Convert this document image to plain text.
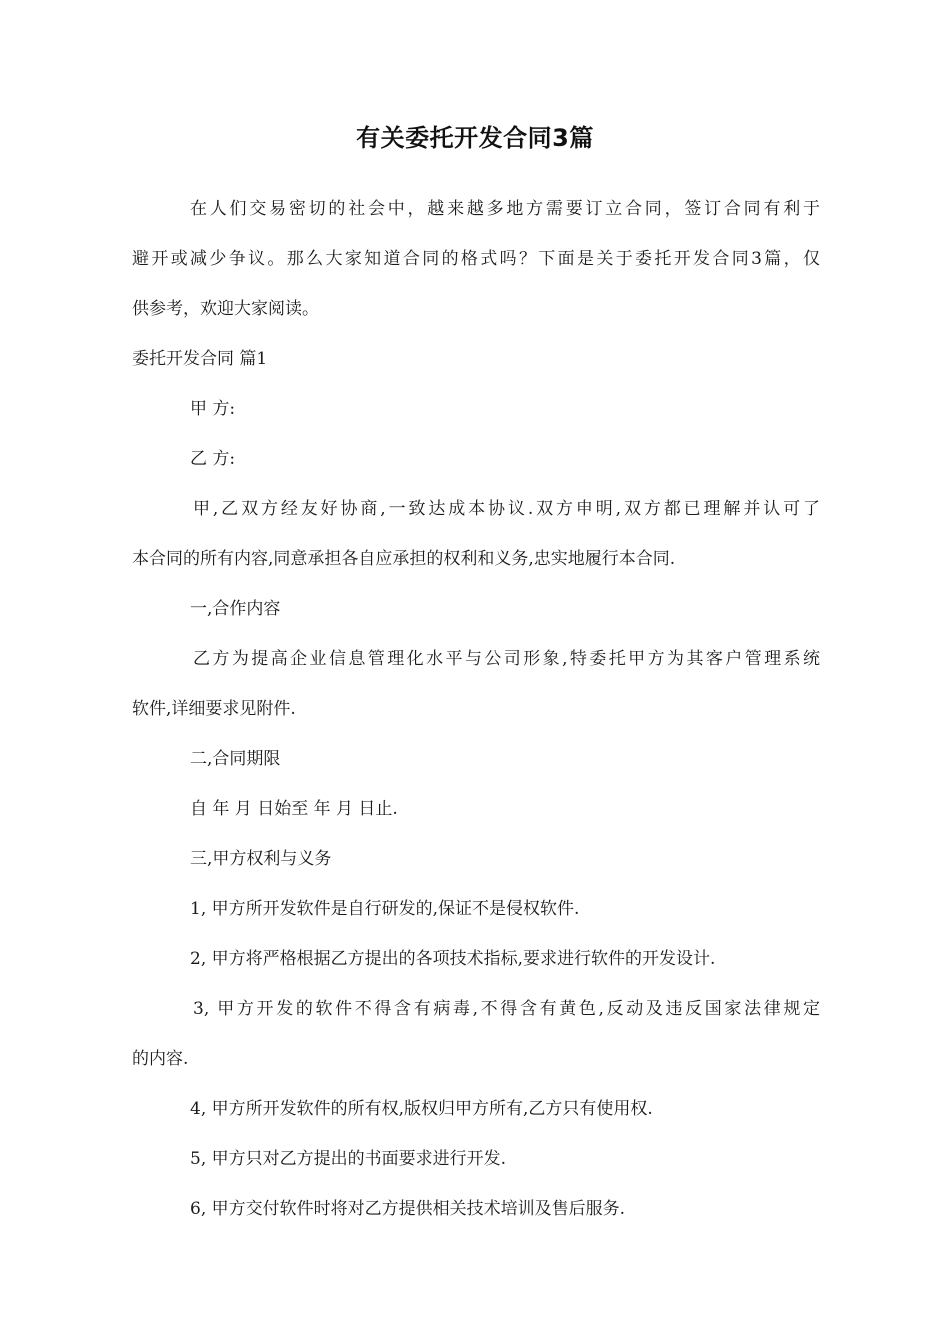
有关委托开发合同3篇
在人们交易密切的社会中，越来越多地方需要订立合同，签订合同有利于
避开或减少争议。那么大家知道合同的格式吗？下面是关于委托开发合同3篇，仅
供参考，欢迎大家阅读。
委托开发合同 篇1
甲 方:
乙 方:
甲,乙双方经友好协商,一致达成本协议.双方申明,双方都已理解并认可了
本合同的所有内容,同意承担各自应承担的权利和义务,忠实地履行本合同.
一,合作内容
乙方为提高企业信息管理化水平与公司形象,特委托甲方为其客户管理系统
软件,详细要求见附件.
二,合同期限
自 年 月 日始至 年 月 日止.
三,甲方权利与义务
1, 甲方所开发软件是自行研发的,保证不是侵权软件.
2, 甲方将严格根据乙方提出的各项技术指标,要求进行软件的开发设计.
3, 甲方开发的软件不得含有病毒,不得含有黄色,反动及违反国家法律规定
的内容.
4, 甲方所开发软件的所有权,版权归甲方所有,乙方只有使用权.
5, 甲方只对乙方提出的书面要求进行开发.
6, 甲方交付软件时将对乙方提供相关技术培训及售后服务.
